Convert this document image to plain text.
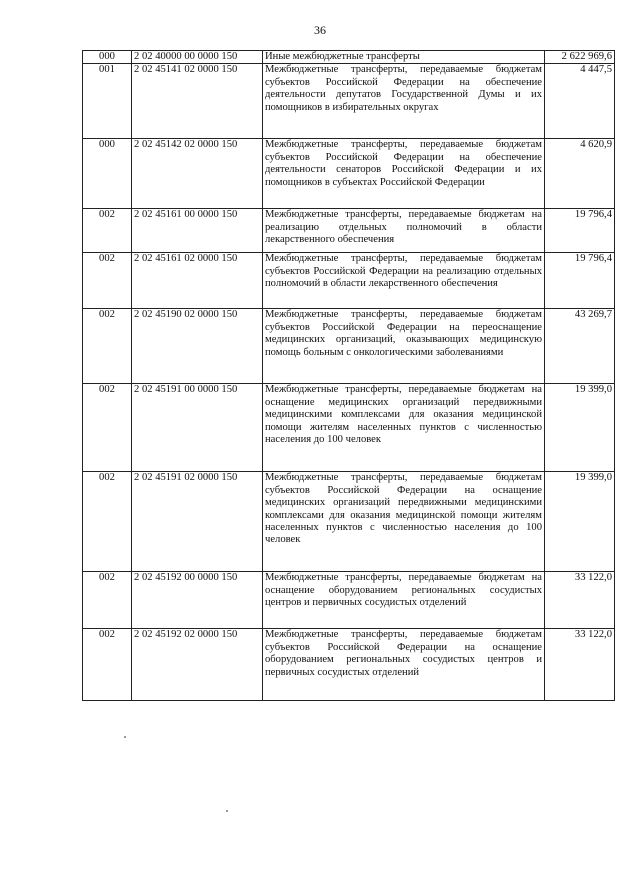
36
000	2 02 40000 00 0000 150	Иные межбюджетные трансферты	2 622 969,6
001	2 02 45141 02 0000 150	Межбюджетные трансферты, передаваемые бюджетам субъектов Российской Федерации на обеспечение деятельности депутатов Государственной Думы и их помощников в избирательных округах	4 447,5
000	2 02 45142 02 0000 150	Межбюджетные трансферты, передаваемые бюджетам субъектов Российской Федерации на обеспечение деятельности сенаторов Российской Федерации и их помощников в субъектах Российской Федерации	4 620,9
002	2 02 45161 00 0000 150	Межбюджетные трансферты, передаваемые бюджетам на реализацию отдельных полномочий в области лекарственного обеспечения	19 796,4
002	2 02 45161 02 0000 150	Межбюджетные трансферты, передаваемые бюджетам субъектов Российской Федерации на реализацию отдельных полномочий в области лекарственного обеспечения	19 796,4
002	2 02 45190 02 0000 150	Межбюджетные трансферты, передаваемые бюджетам субъектов Российской Федерации на переоснащение медицинских организаций, оказывающих медицинскую помощь больным с онкологическими заболеваниями	43 269,7
002	2 02 45191 00 0000 150	Межбюджетные трансферты, передаваемые бюджетам на оснащение медицинских организаций передвижными медицинскими комплексами для оказания медицинской помощи жителям населенных пунктов с численностью населения до 100 человек	19 399,0
002	2 02 45191 02 0000 150	Межбюджетные трансферты, передаваемые бюджетам субъектов Российской Федерации на оснащение медицинских организаций передвижными медицинскими комплексами для оказания медицинской помощи жителям населенных пунктов с численностью населения до 100 человек	19 399,0
002	2 02 45192 00 0000 150	Межбюджетные трансферты, передаваемые бюджетам на оснащение оборудованием региональных сосудистых центров и первичных сосудистых отделений	33 122,0
002	2 02 45192 02 0000 150	Межбюджетные трансферты, передаваемые бюджетам субъектов Российской Федерации на оснащение оборудованием региональных сосудистых центров и первичных сосудистых отделений	33 122,0
